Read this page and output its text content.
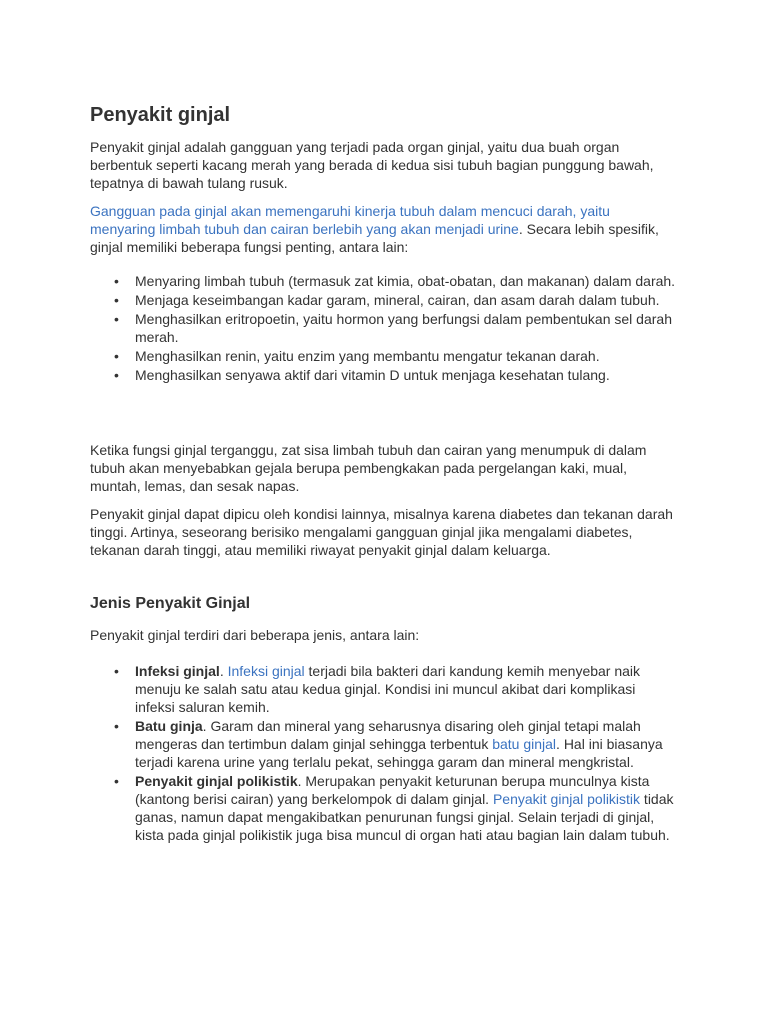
Penyakit ginjal

Penyakit ginjal adalah gangguan yang terjadi pada organ ginjal, yaitu dua buah organ berbentuk seperti kacang merah yang berada di kedua sisi tubuh bagian punggung bawah, tepatnya di bawah tulang rusuk.

Gangguan pada ginjal akan memengaruhi kinerja tubuh dalam mencuci darah, yaitu menyaring limbah tubuh dan cairan berlebih yang akan menjadi urine. Secara lebih spesifik, ginjal memiliki beberapa fungsi penting, antara lain:

• Menyaring limbah tubuh (termasuk zat kimia, obat-obatan, dan makanan) dalam darah.
• Menjaga keseimbangan kadar garam, mineral, cairan, dan asam darah dalam tubuh.
• Menghasilkan eritropoetin, yaitu hormon yang berfungsi dalam pembentukan sel darah merah.
• Menghasilkan renin, yaitu enzim yang membantu mengatur tekanan darah.
• Menghasilkan senyawa aktif dari vitamin D untuk menjaga kesehatan tulang.

Ketika fungsi ginjal terganggu, zat sisa limbah tubuh dan cairan yang menumpuk di dalam tubuh akan menyebabkan gejala berupa pembengkakan pada pergelangan kaki, mual, muntah, lemas, dan sesak napas.

Penyakit ginjal dapat dipicu oleh kondisi lainnya, misalnya karena diabetes dan tekanan darah tinggi. Artinya, seseorang berisiko mengalami gangguan ginjal jika mengalami diabetes, tekanan darah tinggi, atau memiliki riwayat penyakit ginjal dalam keluarga.

Jenis Penyakit Ginjal

Penyakit ginjal terdiri dari beberapa jenis, antara lain:

• Infeksi ginjal. Infeksi ginjal terjadi bila bakteri dari kandung kemih menyebar naik menuju ke salah satu atau kedua ginjal. Kondisi ini muncul akibat dari komplikasi infeksi saluran kemih.
• Batu ginja. Garam dan mineral yang seharusnya disaring oleh ginjal tetapi malah mengeras dan tertimbun dalam ginjal sehingga terbentuk batu ginjal. Hal ini biasanya terjadi karena urine yang terlalu pekat, sehingga garam dan mineral mengkristal.
• Penyakit ginjal polikistik. Merupakan penyakit keturunan berupa munculnya kista (kantong berisi cairan) yang berkelompok di dalam ginjal. Penyakit ginjal polikistik tidak ganas, namun dapat mengakibatkan penurunan fungsi ginjal. Selain terjadi di ginjal, kista pada ginjal polikistik juga bisa muncul di organ hati atau bagian lain dalam tubuh.
